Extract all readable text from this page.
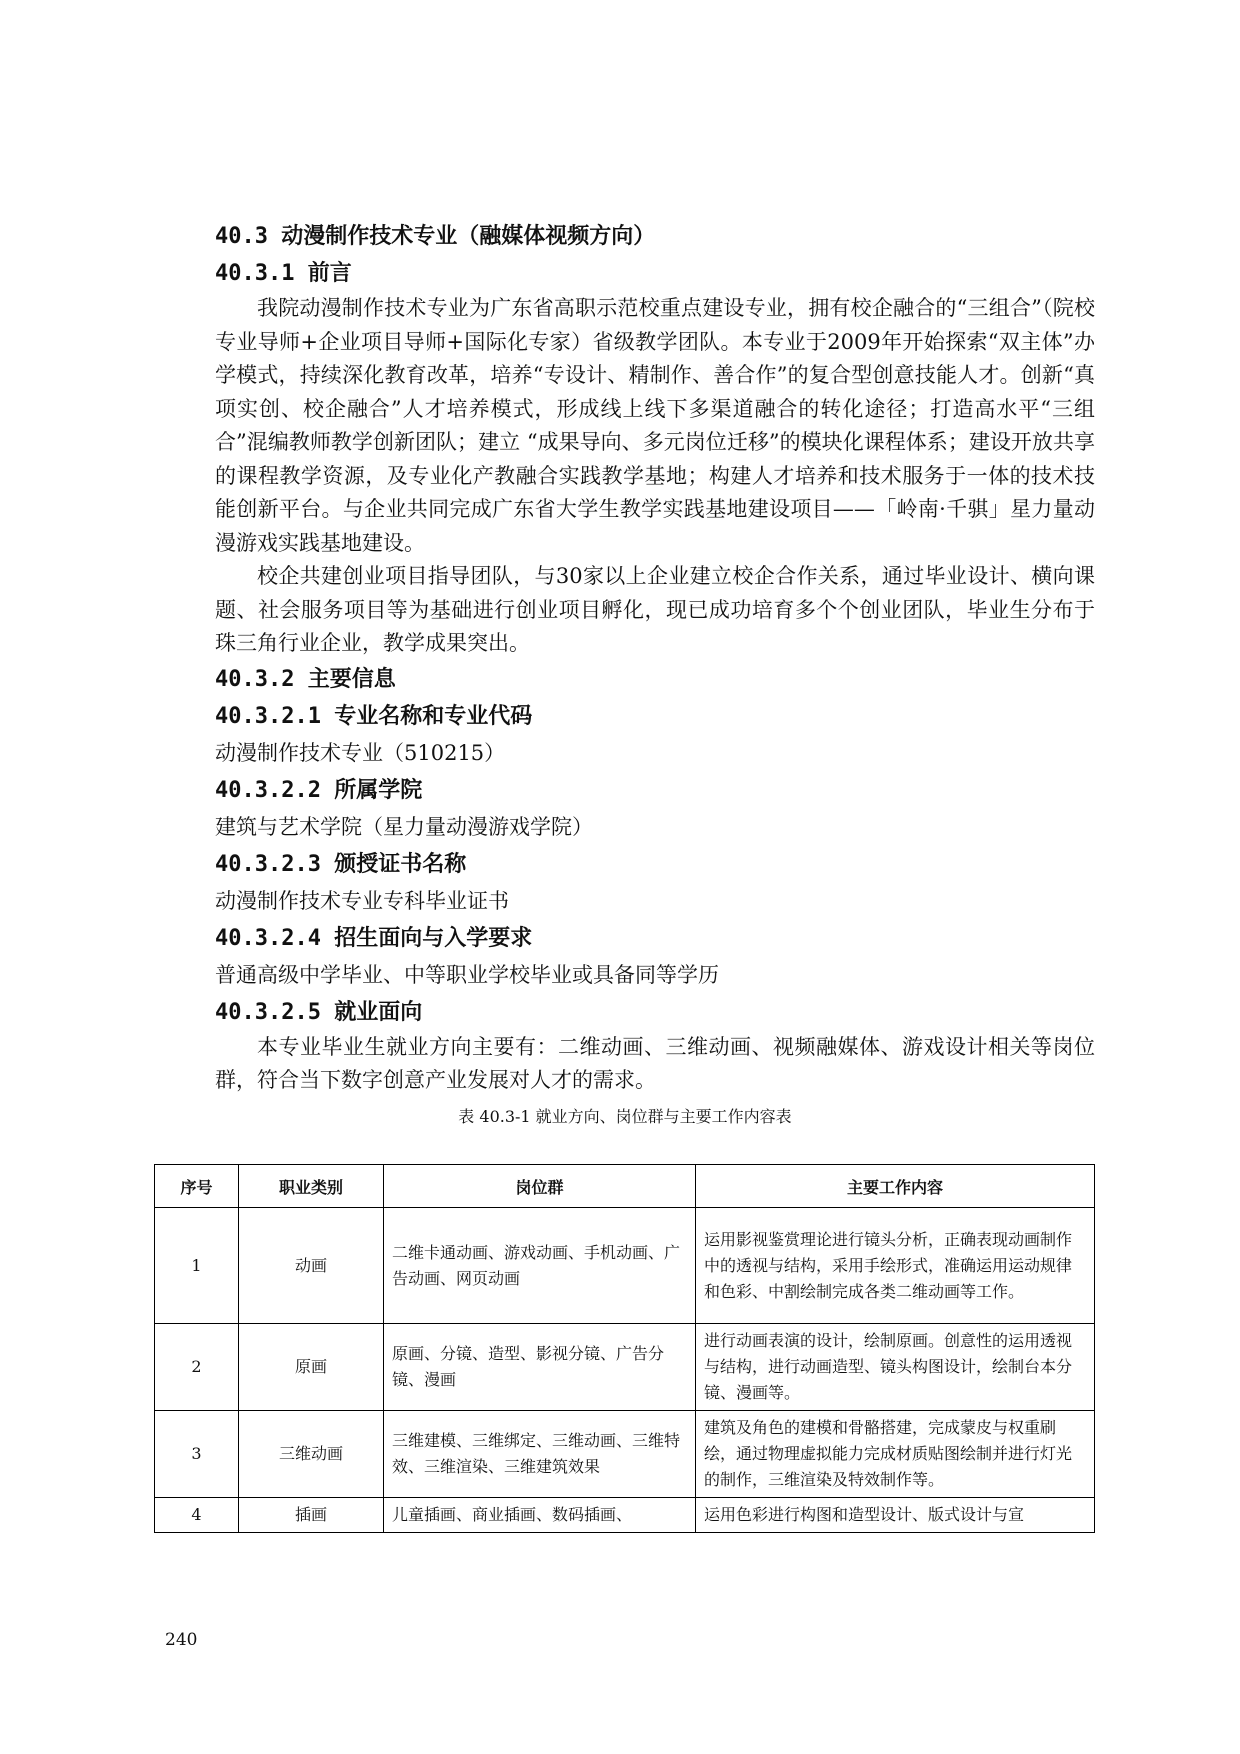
40.3 动漫制作技术专业（融媒体视频方向）
40.3.1 前言
我院动漫制作技术专业为广东省高职示范校重点建设专业，拥有校企融合的“三组合”（院校专业导师+企业项目导师+国际化专家）省级教学团队。本专业于2009年开始探索“双主体”办学模式，持续深化教育改革，培养“专设计、精制作、善合作”的复合型创意技能人才。创新“真项实创、校企融合”人才培养模式，形成线上线下多渠道融合的转化途径；打造高水平“三组合”混编教师教学创新团队；建立 “成果导向、多元岗位迁移”的模块化课程体系；建设开放共享的课程教学资源，及专业化产教融合实践教学基地；构建人才培养和技术服务于一体的技术技能创新平台。与企业共同完成广东省大学生教学实践基地建设项目——「岭南·千骐」星力量动漫游戏实践基地建设。
校企共建创业项目指导团队，与30家以上企业建立校企合作关系，通过毕业设计、横向课题、社会服务项目等为基础进行创业项目孵化，现已成功培育多个个创业团队，毕业生分布于珠三角行业企业，教学成果突出。
40.3.2 主要信息
40.3.2.1 专业名称和专业代码
动漫制作技术专业（510215）
40.3.2.2 所属学院
建筑与艺术学院（星力量动漫游戏学院）
40.3.2.3 颁授证书名称
动漫制作技术专业专科毕业证书
40.3.2.4 招生面向与入学要求
普通高级中学毕业、中等职业学校毕业或具备同等学历
40.3.2.5 就业面向
本专业毕业生就业方向主要有：二维动画、三维动画、视频融媒体、游戏设计相关等岗位群，符合当下数字创意产业发展对人才的需求。
表 40.3-1 就业方向、岗位群与主要工作内容表
序号	职业类别	岗位群	主要工作内容
1	动画	二维卡通动画、游戏动画、手机动画、广告动画、网页动画	运用影视鉴赏理论进行镜头分析，正确表现动画制作中的透视与结构，采用手绘形式，准确运用运动规律和色彩、中割绘制完成各类二维动画等工作。
2	原画	原画、分镜、造型、影视分镜、广告分镜、漫画	进行动画表演的设计，绘制原画。创意性的运用透视与结构，进行动画造型、镜头构图设计，绘制台本分镜、漫画等。
3	三维动画	三维建模、三维绑定、三维动画、三维特效、三维渲染、三维建筑效果	建筑及角色的建模和骨骼搭建，完成蒙皮与权重刷绘，通过物理虚拟能力完成材质贴图绘制并进行灯光的制作，三维渲染及特效制作等。
4	插画	儿童插画、商业插画、数码插画、	运用色彩进行构图和造型设计、版式设计与宣
240
